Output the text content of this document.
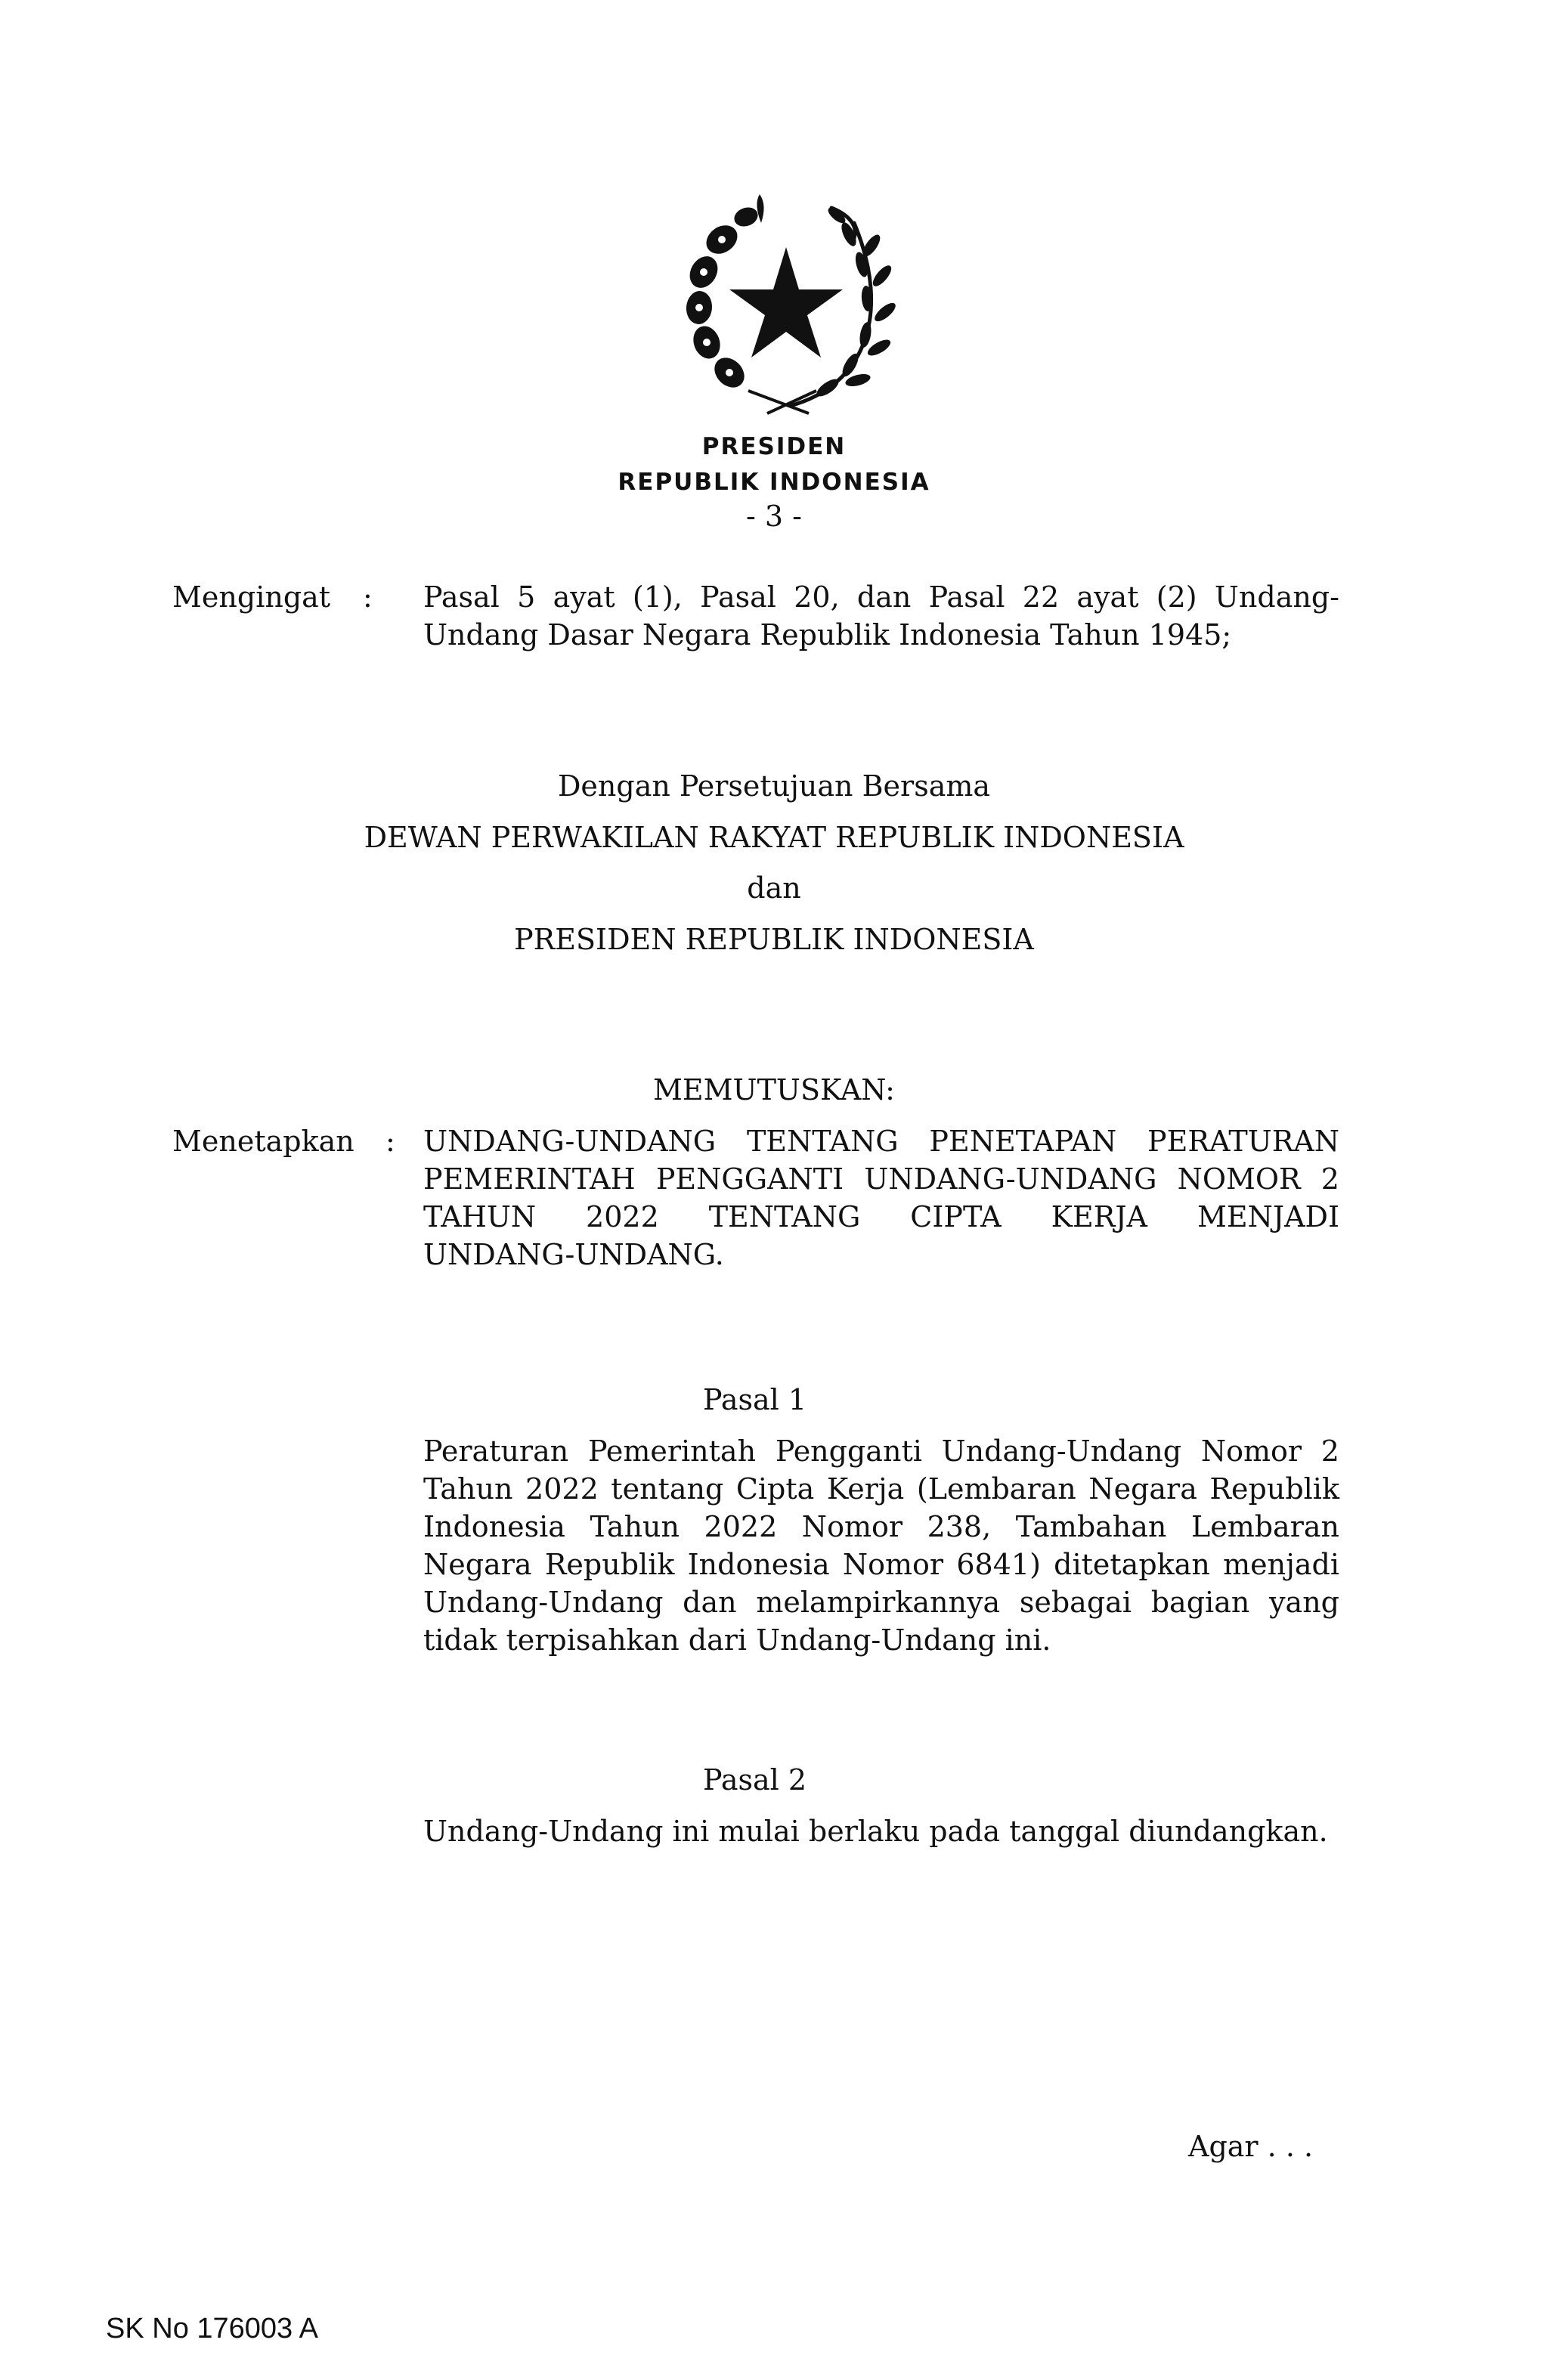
PRESIDEN
REPUBLIK INDONESIA
- 3 -
Mengingat : Pasal 5 ayat (1), Pasal 20, dan Pasal 22 ayat (2) Undang-
Undang Dasar Negara Republik Indonesia Tahun 1945;
Dengan Persetujuan Bersama
DEWAN PERWAKILAN RAKYAT REPUBLIK INDONESIA
dan
PRESIDEN REPUBLIK INDONESIA
MEMUTUSKAN:
Menetapkan : UNDANG-UNDANG TENTANG PENETAPAN PERATURAN
PEMERINTAH PENGGANTI UNDANG-UNDANG NOMOR 2
TAHUN 2022 TENTANG CIPTA KERJA MENJADI
UNDANG-UNDANG.
Pasal 1
Peraturan Pemerintah Pengganti Undang-Undang Nomor 2
Tahun 2022 tentang Cipta Kerja (Lembaran Negara Republik
Indonesia Tahun 2022 Nomor 238, Tambahan Lembaran
Negara Republik Indonesia Nomor 6841) ditetapkan menjadi
Undang-Undang dan melampirkannya sebagai bagian yang
tidak terpisahkan dari Undang-Undang ini.
Pasal 2
Undang-Undang ini mulai berlaku pada tanggal diundangkan.
Agar . . .
SK No 176003 A
